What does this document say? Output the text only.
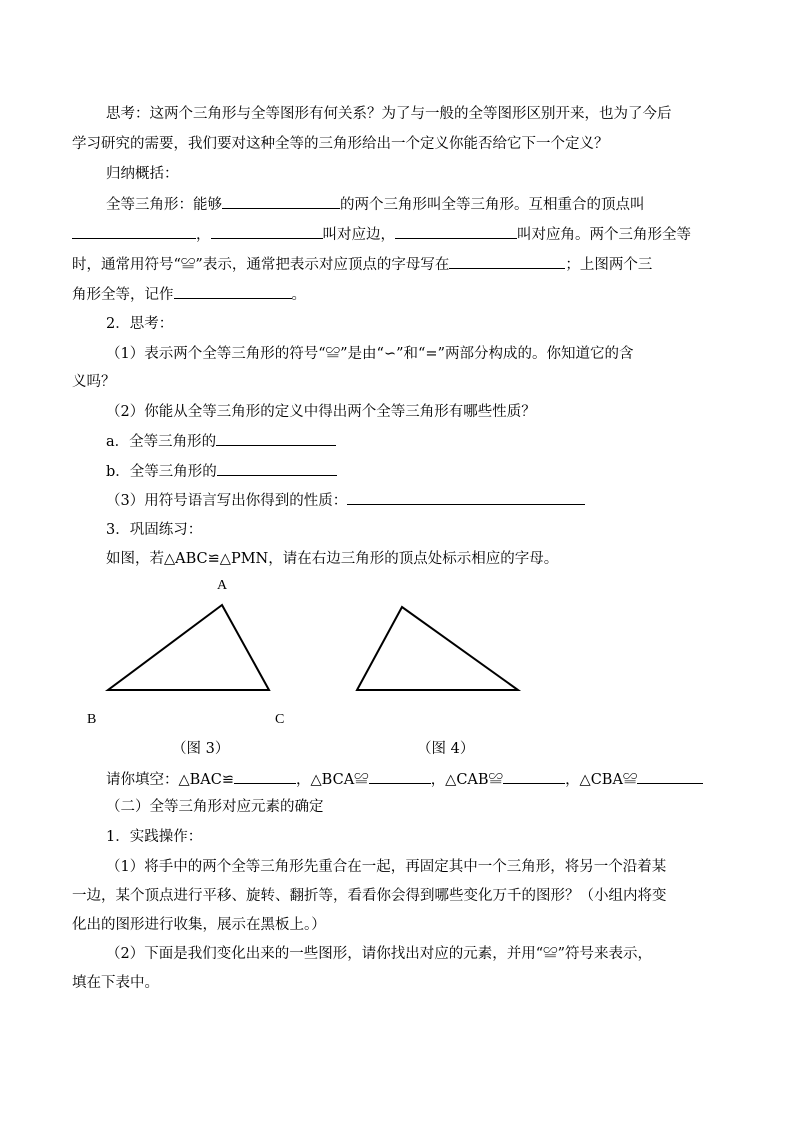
思考：这两个三角形与全等图形有何关系？为了与一般的全等图形区别开来，也为了今后
学习研究的需要，我们要对这种全等的三角形给出一个定义你能否给它下一个定义？
归纳概括：
全等三角形：能够	的两个三角形叫全等三角形。互相重合的顶点叫
，	叫对应边，	叫对应角。两个三角形全等
时，通常用符号“≌”表示，通常把表示对应顶点的字母写在	；上图两个三
角形全等，记作	。
2．思考：
（1）表示两个全等三角形的符号“≌”是由“∽”和“=”两部分构成的。你知道它的含
义吗？
（2）你能从全等三角形的定义中得出两个全等三角形有哪些性质？
a．全等三角形的
b．全等三角形的
（3）用符号语言写出你得到的性质：
3．巩固练习：
如图，若△ABC≌△PMN，请在右边三角形的顶点处标示相应的字母。
A
B	C
（图 3）	（图 4）
请你填空：△BAC≌	，△BCA≌	，△CAB≌	，△CBA≌
（二）全等三角形对应元素的确定
1．实践操作：
（1）将手中的两个全等三角形先重合在一起，再固定其中一个三角形，将另一个沿着某
一边，某个顶点进行平移、旋转、翻折等，看看你会得到哪些变化万千的图形？（小组内将变
化出的图形进行收集，展示在黑板上。）
（2）下面是我们变化出来的一些图形，请你找出对应的元素，并用“≌”符号来表示，
填在下表中。
